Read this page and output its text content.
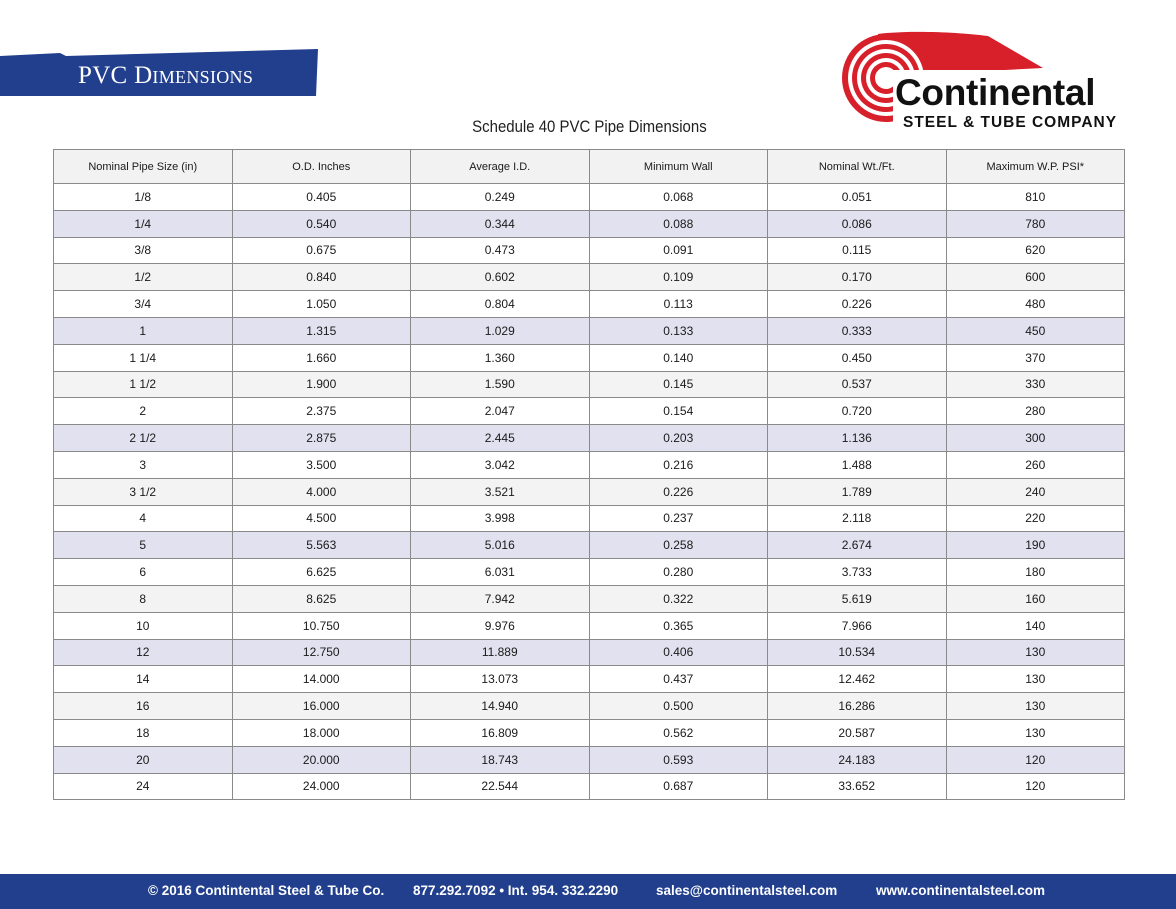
PVC Dimensions	Continental
STEEL & TUBE COMPANY
Schedule 40 PVC Pipe Dimensions
Nominal Pipe Size (in)	O.D. Inches	Average I.D.	Minimum Wall	Nominal Wt./Ft.	Maximum W.P. PSI*
1/8	0.405	0.249	0.068	0.051	810
1/4	0.540	0.344	0.088	0.086	780
3/8	0.675	0.473	0.091	0.115	620
1/2	0.840	0.602	0.109	0.170	600
3/4	1.050	0.804	0.113	0.226	480
1	1.315	1.029	0.133	0.333	450
1 1/4	1.660	1.360	0.140	0.450	370
1 1/2	1.900	1.590	0.145	0.537	330
2	2.375	2.047	0.154	0.720	280
2 1/2	2.875	2.445	0.203	1.136	300
3	3.500	3.042	0.216	1.488	260
3 1/2	4.000	3.521	0.226	1.789	240
4	4.500	3.998	0.237	2.118	220
5	5.563	5.016	0.258	2.674	190
6	6.625	6.031	0.280	3.733	180
8	8.625	7.942	0.322	5.619	160
10	10.750	9.976	0.365	7.966	140
12	12.750	11.889	0.406	10.534	130
14	14.000	13.073	0.437	12.462	130
16	16.000	14.940	0.500	16.286	130
18	18.000	16.809	0.562	20.587	130
20	20.000	18.743	0.593	24.183	120
24	24.000	22.544	0.687	33.652	120
© 2016 Contintental Steel & Tube Co. 877.292.7092 • Int. 954. 332.2290	sales@continentalsteel.com	www.continentalsteel.com
